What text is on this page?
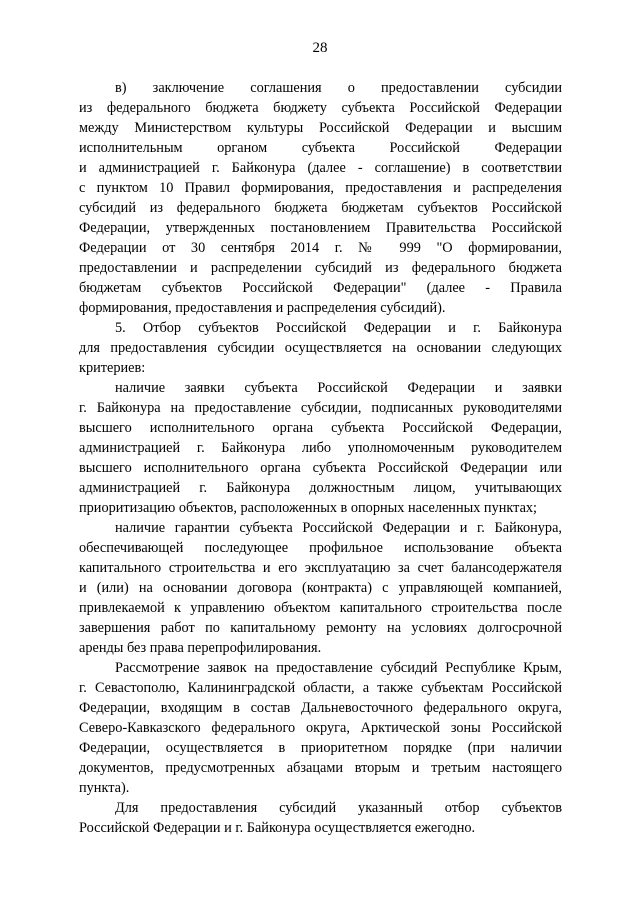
28
в) заключение соглашения о предоставлении субсидии
из федерального бюджета бюджету субъекта Российской Федерации
между Министерством культуры Российской Федерации и высшим
исполнительным органом субъекта Российской Федерации
и администрацией г. Байконура (далее - соглашение) в соответствии
с пунктом 10 Правил формирования, предоставления и распределения
субсидий из федерального бюджета бюджетам субъектов Российской
Федерации, утвержденных постановлением Правительства Российской
Федерации от 30 сентября 2014 г. № 999 "О формировании,
предоставлении и распределении субсидий из федерального бюджета
бюджетам субъектов Российской Федерации" (далее - Правила
формирования, предоставления и распределения субсидий).
5. Отбор субъектов Российской Федерации и г. Байконура
для предоставления субсидии осуществляется на основании следующих
критериев:
наличие заявки субъекта Российской Федерации и заявки
г. Байконура на предоставление субсидии, подписанных руководителями
высшего исполнительного органа субъекта Российской Федерации,
администрацией г. Байконура либо уполномоченным руководителем
высшего исполнительного органа субъекта Российской Федерации или
администрацией г. Байконура должностным лицом, учитывающих
приоритизацию объектов, расположенных в опорных населенных пунктах;
наличие гарантии субъекта Российской Федерации и г. Байконура,
обеспечивающей последующее профильное использование объекта
капитального строительства и его эксплуатацию за счет балансодержателя
и (или) на основании договора (контракта) с управляющей компанией,
привлекаемой к управлению объектом капитального строительства после
завершения работ по капитальному ремонту на условиях долгосрочной
аренды без права перепрофилирования.
Рассмотрение заявок на предоставление субсидий Республике Крым,
г. Севастополю, Калининградской области, а также субъектам Российской
Федерации, входящим в состав Дальневосточного федерального округа,
Северо-Кавказского федерального округа, Арктической зоны Российской
Федерации, осуществляется в приоритетном порядке (при наличии
документов, предусмотренных абзацами вторым и третьим настоящего
пункта).
Для предоставления субсидий указанный отбор субъектов
Российской Федерации и г. Байконура осуществляется ежегодно.
